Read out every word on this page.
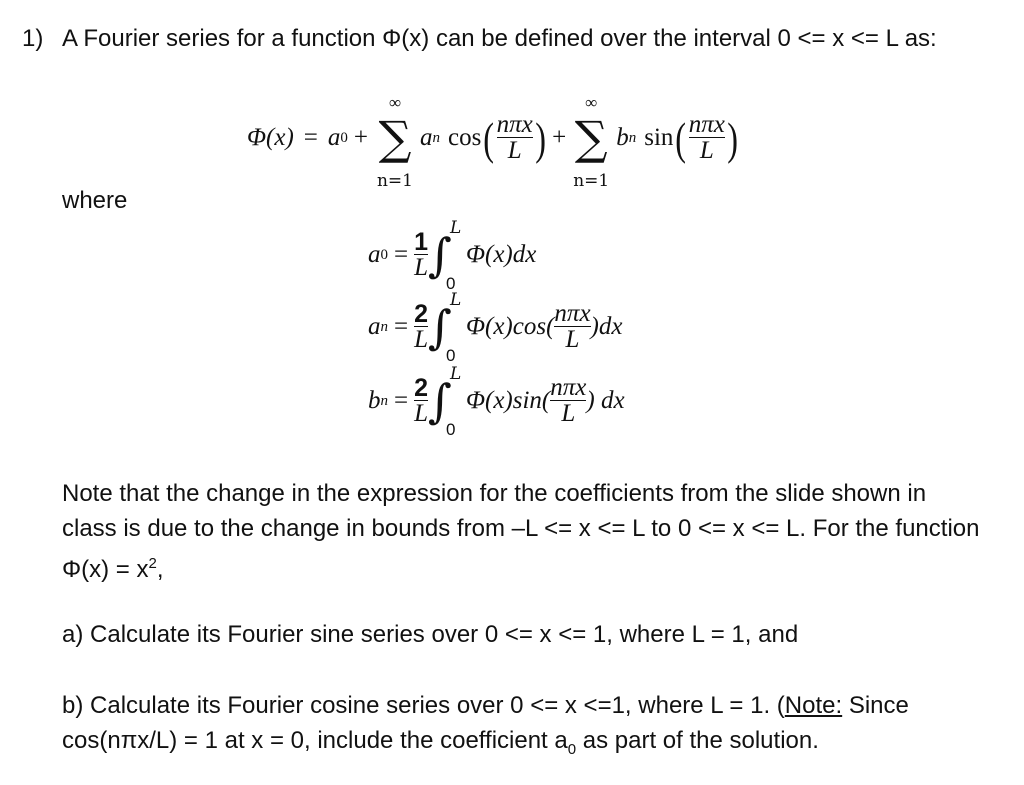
1) A Fourier series for a function Φ(x) can be defined over the interval 0 <= x <= L as:
Φ(x) = a 0 +
∞
∑
n=1
a n cos ( $\frac{\text{nπx}}{L}$ ) +
∞
∑
n=1
b n sin ( $\frac{\text{nπx}}{L}$ )
where
a $0 = \frac{1}{L}$ ∫
L
0
Φ(x)dx
a $n = \frac{2}{L}$ ∫
L
0
$\Phi(x)\cos( \frac{\text{nπx}}{L} )dx$
b $n = \frac{2}{L}$ ∫
L
0
$\Phi(x)\sin( \frac{\text{nπx}}{L}$ ) dx
Note that the change in the expression for the coefficients from the slide shown in
class is due to the change in bounds from –L <= x <= L to 0 <= x <= L. For the function
$\Phi(x) = x^2$,
a) Calculate its Fourier sine series over 0 <= x <= 1, where L = 1, and
b) Calculate its Fourier cosine series over 0 <= x <=1, where L = 1. (Note: Since
cos(nπx/L) = 1 at x = 0, include the coefficient $a_0$ as part of the solution.
